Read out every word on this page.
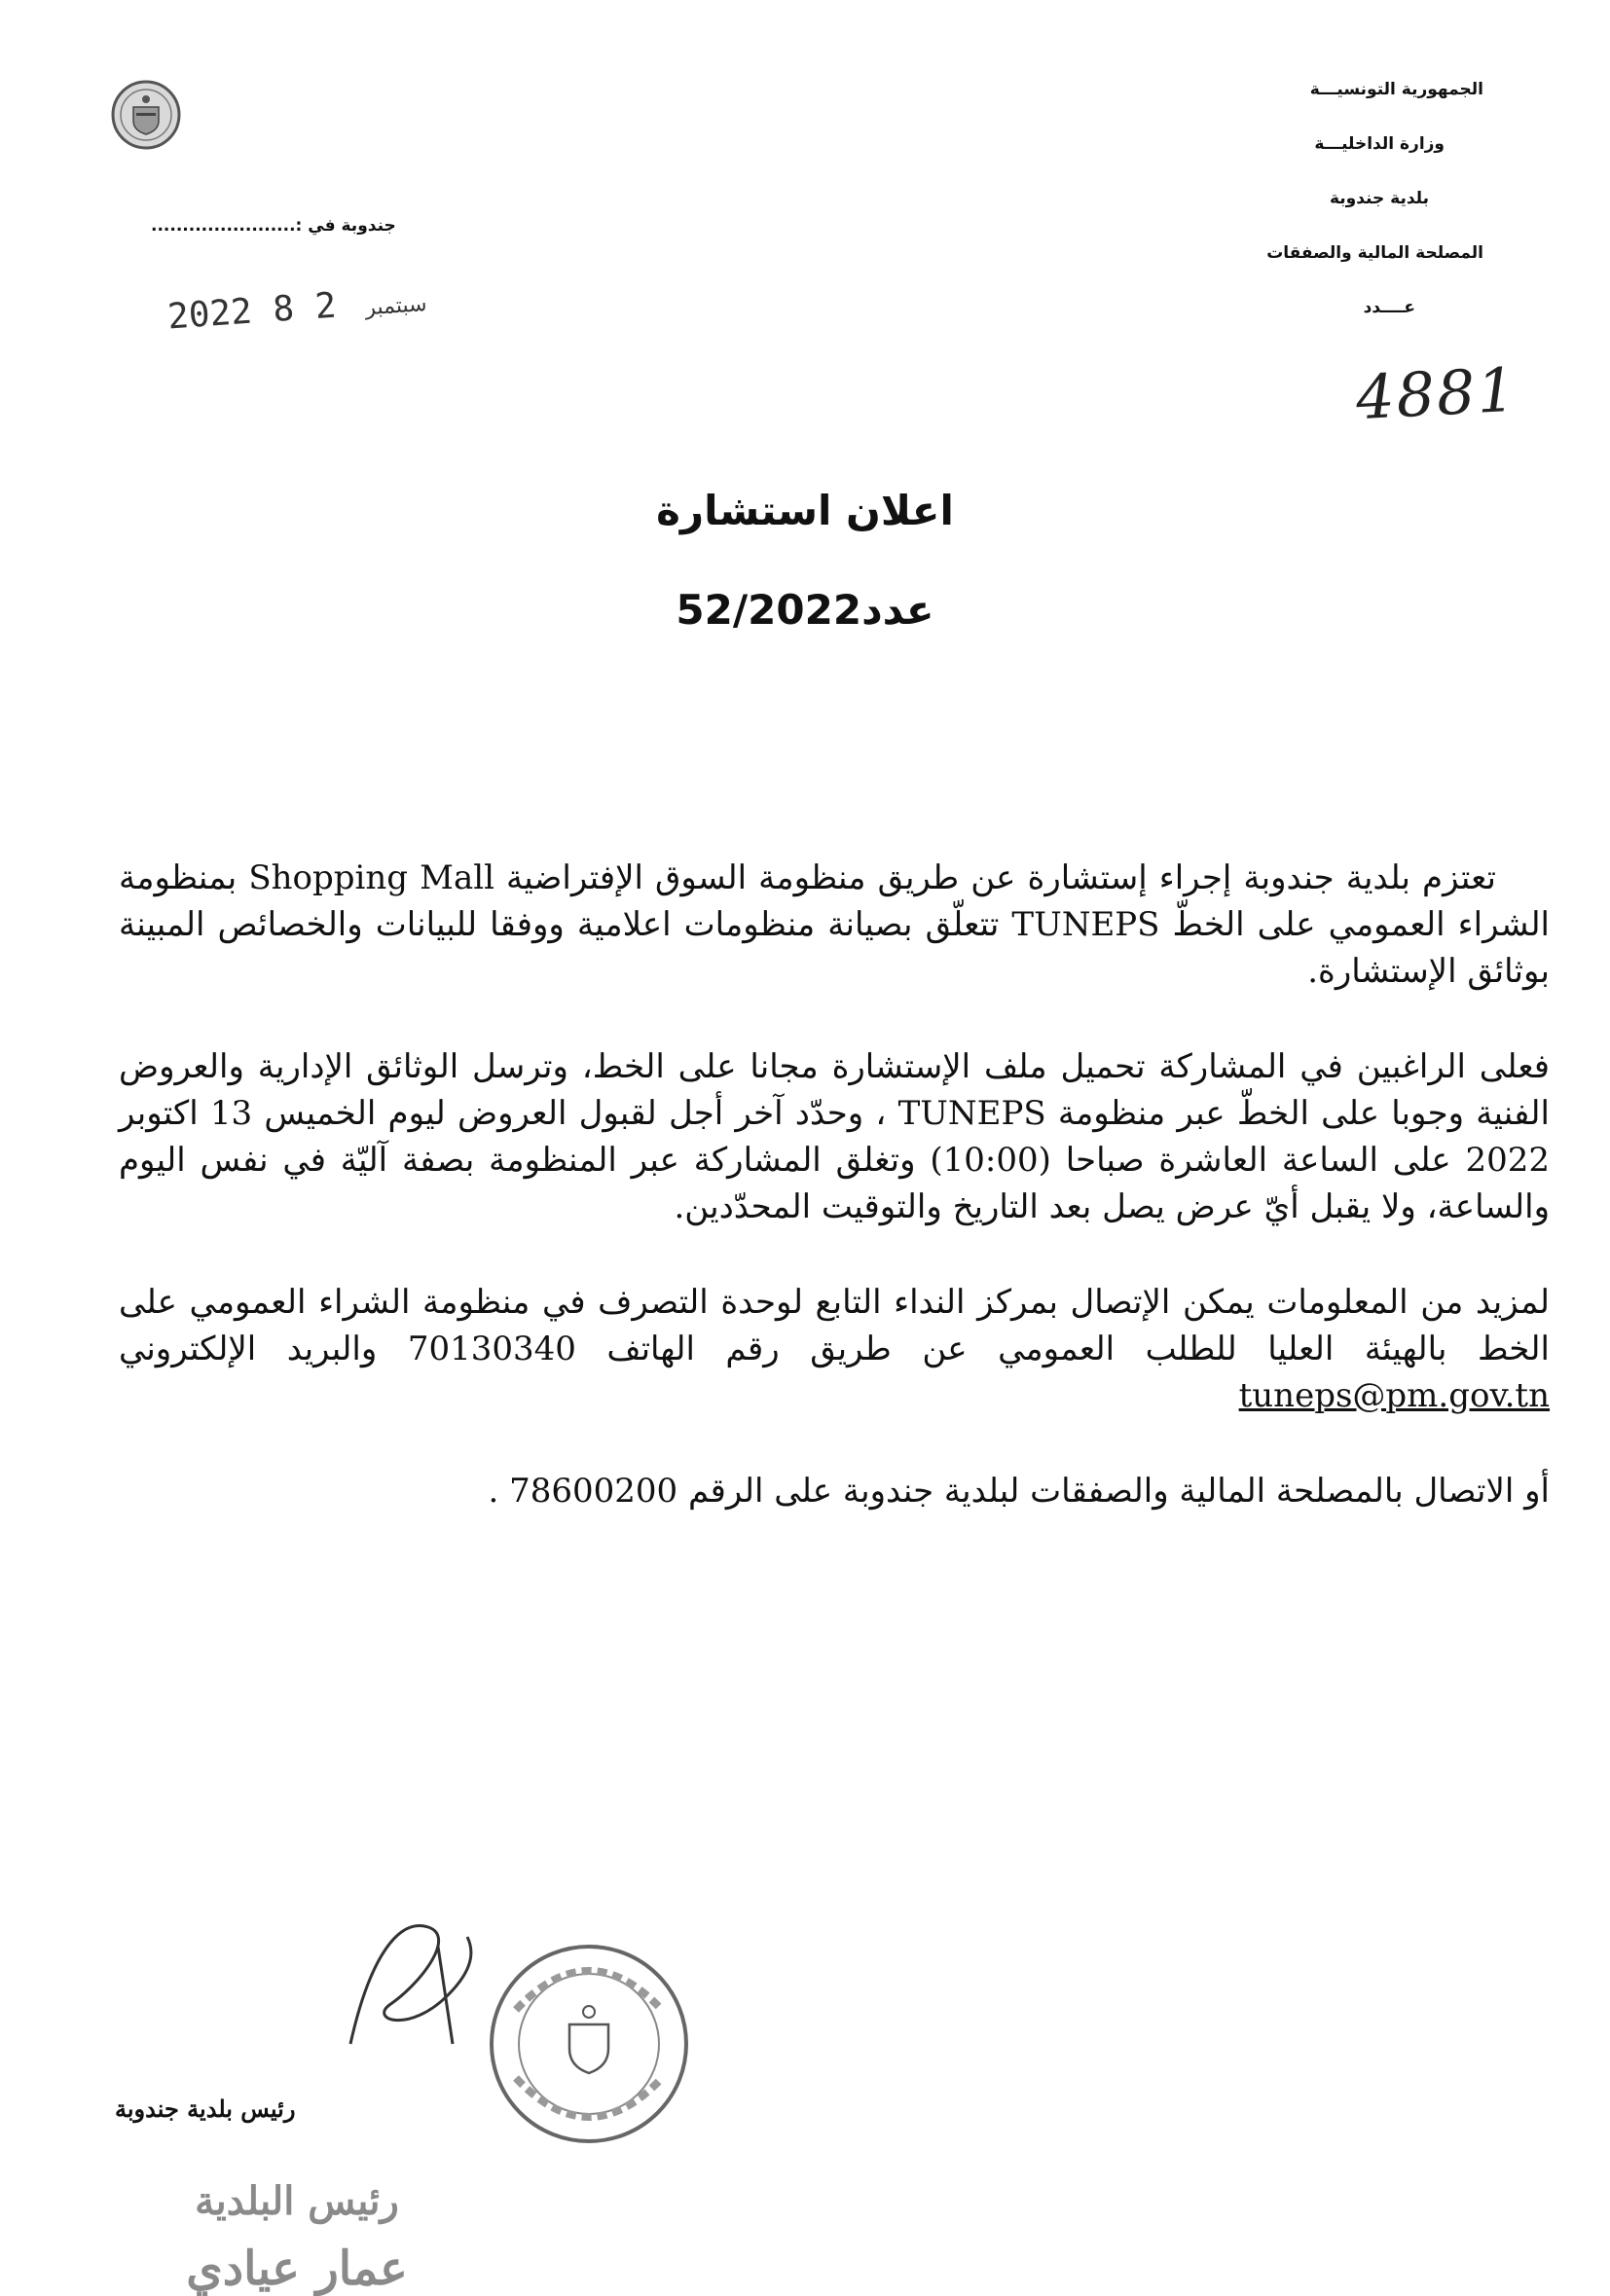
الجمهورية التونسيـــة
وزارة الداخليـــة
بلدية جندوبة
المصلحة المالية والصفقات
عــــدد
4881
جندوبة في :.......................
2022	سبتمبر 2 8
اعلان استشارة
عدد52/2022

تعتزم بلدية جندوبة إجراء إستشارة عن طريق منظومة السوق الإفتراضية Shopping Mall بمنظومة الشراء العمومي على الخطّ TUNEPS تتعلّق بصيانة منظومات اعلامية ووفقا للبيانات والخصائص المبينة بوثائق الإستشارة.

فعلى الراغبين في المشاركة تحميل ملف الإستشارة مجانا على الخط، وترسل الوثائق الإدارية والعروض الفنية وجوبا على الخطّ عبر منظومة TUNEPS ، وحدّد آخر أجل لقبول العروض ليوم الخميس 13 اكتوبر 2022 على الساعة العاشرة صباحا (10:00) وتغلق المشاركة عبر المنظومة بصفة آليّة في نفس اليوم والساعة، ولا يقبل أيّ عرض يصل بعد التاريخ والتوقيت المحدّدين.

لمزيد من المعلومات يمكن الإتصال بمركز النداء التابع لوحدة التصرف في منظومة الشراء العمومي على الخط بالهيئة العليا للطلب العمومي عن طريق رقم الهاتف 70130340 والبريد الإلكتروني tuneps@pm.gov.tn

أو الاتصال بالمصلحة المالية والصفقات لبلدية جندوبة على الرقم 78600200 .

رئيس بلدية جندوبة
رئيس البلدية
عمار عيادي
